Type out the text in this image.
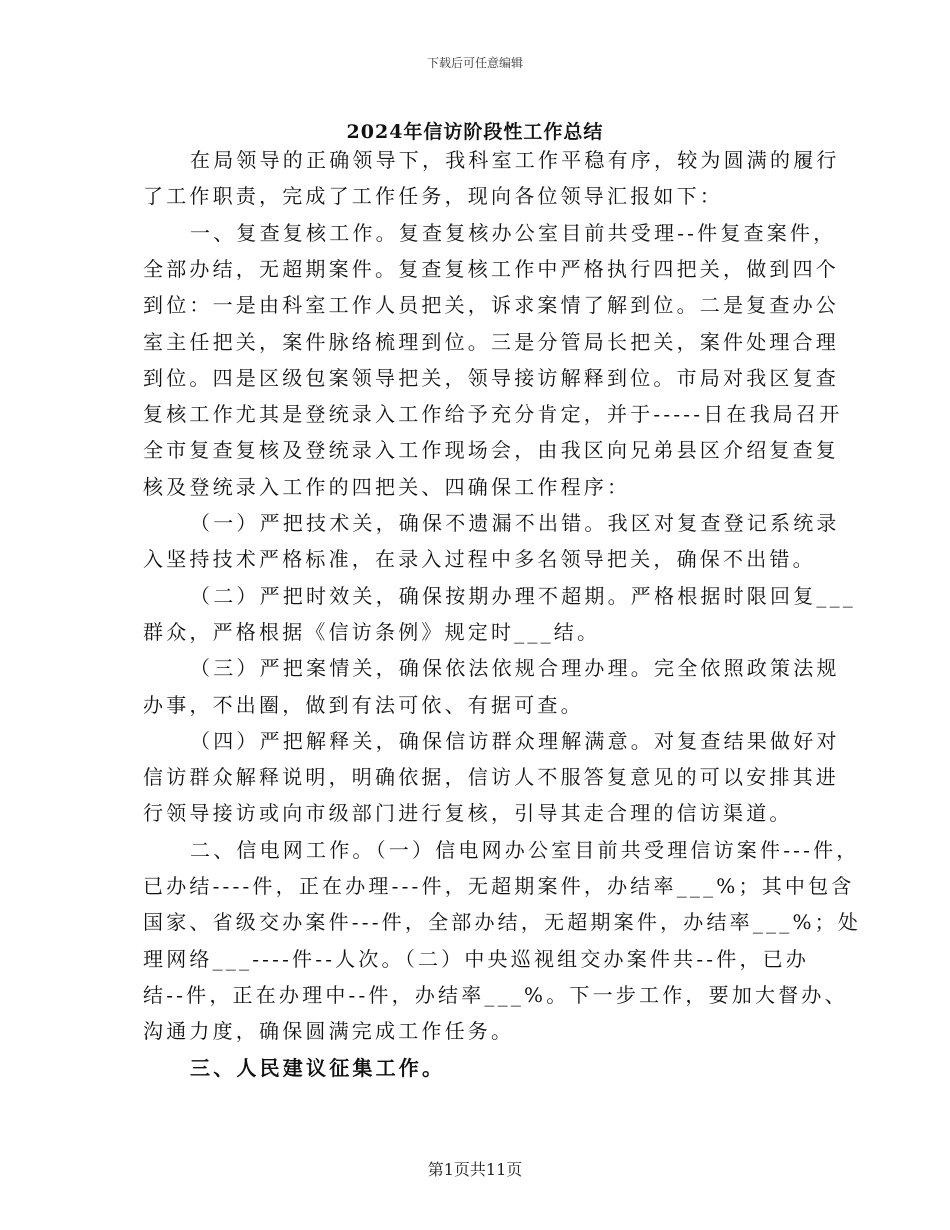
下载后可任意编辑
2024年信访阶段性工作总结
在局领导的正确领导下，我科室工作平稳有序，较为圆满的履行
了工作职责，完成了工作任务，现向各位领导汇报如下：
一、复查复核工作。复查复核办公室目前共受理--件复查案件，
全部办结，无超期案件。复查复核工作中严格执行四把关，做到四个
到位：一是由科室工作人员把关，诉求案情了解到位。二是复查办公
室主任把关，案件脉络梳理到位。三是分管局长把关，案件处理合理
到位。四是区级包案领导把关，领导接访解释到位。市局对我区复查
复核工作尤其是登统录入工作给予充分肯定，并于-----日在我局召开
全市复查复核及登统录入工作现场会，由我区向兄弟县区介绍复查复
核及登统录入工作的四把关、四确保工作程序：
（一）严把技术关，确保不遗漏不出错。我区对复查登记系统录
入坚持技术严格标准，在录入过程中多名领导把关，确保不出错。
（二）严把时效关，确保按期办理不超期。严格根据时限回复___
群众，严格根据《信访条例》规定时___结。
（三）严把案情关，确保依法依规合理办理。完全依照政策法规
办事，不出圈，做到有法可依、有据可查。
（四）严把解释关，确保信访群众理解满意。对复查结果做好对
信访群众解释说明，明确依据，信访人不服答复意见的可以安排其进
行领导接访或向市级部门进行复核，引导其走合理的信访渠道。
二、信电网工作。（一）信电网办公室目前共受理信访案件---件，
已办结----件，正在办理---件，无超期案件，办结率___%；其中包含
国家、省级交办案件---件，全部办结，无超期案件，办结率___%；处
理网络___----件--人次。（二）中央巡视组交办案件共--件，已办
结--件，正在办理中--件，办结率___%。下一步工作，要加大督办、
沟通力度，确保圆满完成工作任务。
三、人民建议征集工作。
第1页共11页
